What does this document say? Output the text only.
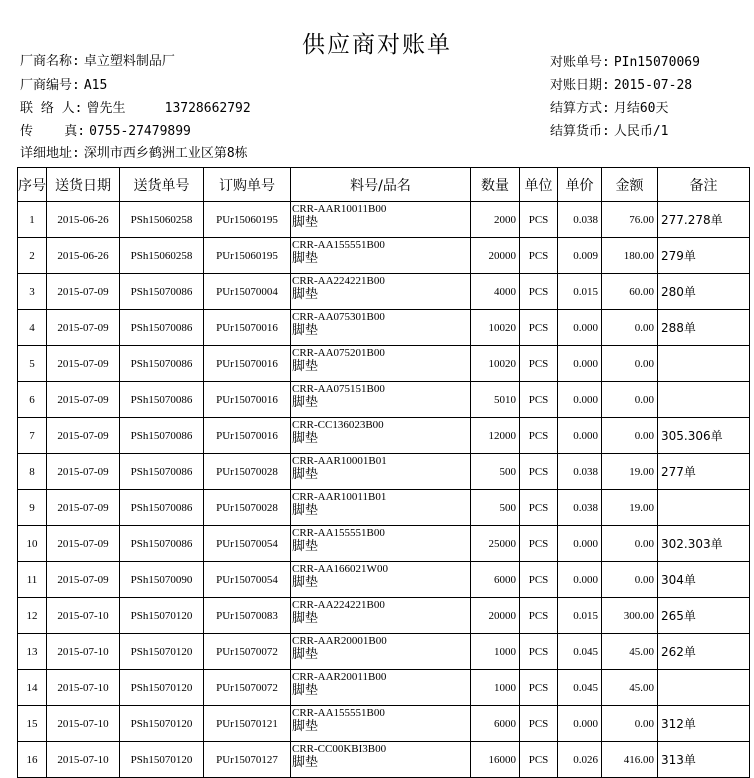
供应商对账单
厂商名称: 卓立塑料制品厂
厂商编号: A15
联 络 人: 曾先生     13728662792
传    真: 0755-27479899
详细地址: 深圳市西乡鹤洲工业区第8栋
对账单号: PIn15070069
对账日期: 2015-07-28
结算方式: 月结60天
结算货币: 人民币/1
序号	送货日期	送货单号	订购单号	料号/品名	数量	单位	单价	金额	备注
1	2015-06-26	PSh15060258	PUr15060195	CRR-AAR10011B00
脚垫	2000	PCS	0.038	76.00	277.278单
2	2015-06-26	PSh15060258	PUr15060195	CRR-AA155551B00
脚垫	20000	PCS	0.009	180.00	279单
3	2015-07-09	PSh15070086	PUr15070004	CRR-AA224221B00
脚垫	4000	PCS	0.015	60.00	280单
4	2015-07-09	PSh15070086	PUr15070016	CRR-AA075301B00
脚垫	10020	PCS	0.000	0.00	288单
5	2015-07-09	PSh15070086	PUr15070016	CRR-AA075201B00
脚垫	10020	PCS	0.000	0.00	
6	2015-07-09	PSh15070086	PUr15070016	CRR-AA075151B00
脚垫	5010	PCS	0.000	0.00	
7	2015-07-09	PSh15070086	PUr15070016	CRR-CC136023B00
脚垫	12000	PCS	0.000	0.00	305.306单
8	2015-07-09	PSh15070086	PUr15070028	CRR-AAR10001B01
脚垫	500	PCS	0.038	19.00	277单
9	2015-07-09	PSh15070086	PUr15070028	CRR-AAR10011B01
脚垫	500	PCS	0.038	19.00	
10	2015-07-09	PSh15070086	PUr15070054	CRR-AA155551B00
脚垫	25000	PCS	0.000	0.00	302.303单
11	2015-07-09	PSh15070090	PUr15070054	CRR-AA166021W00
脚垫	6000	PCS	0.000	0.00	304单
12	2015-07-10	PSh15070120	PUr15070083	CRR-AA224221B00
脚垫	20000	PCS	0.015	300.00	265单
13	2015-07-10	PSh15070120	PUr15070072	CRR-AAR20001B00
脚垫	1000	PCS	0.045	45.00	262单
14	2015-07-10	PSh15070120	PUr15070072	CRR-AAR20011B00
脚垫	1000	PCS	0.045	45.00	
15	2015-07-10	PSh15070120	PUr15070121	CRR-AA155551B00
脚垫	6000	PCS	0.000	0.00	312单
16	2015-07-10	PSh15070120	PUr15070127	CRR-CC00KBI3B00
脚垫	16000	PCS	0.026	416.00	313单
